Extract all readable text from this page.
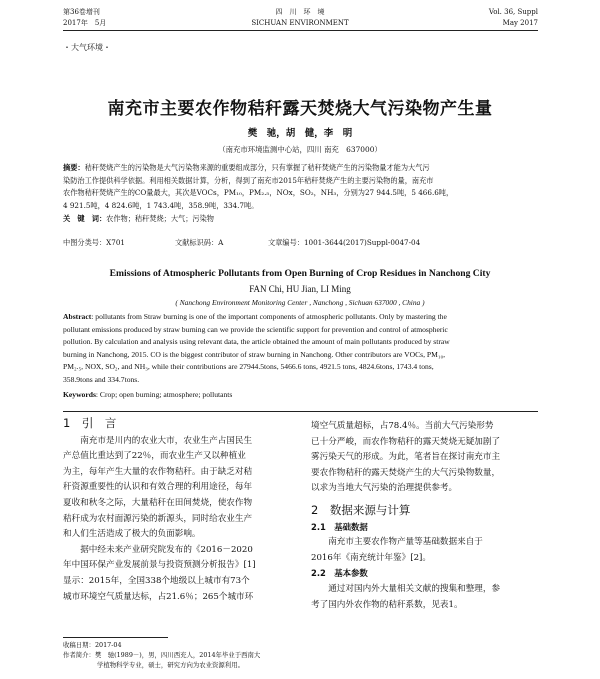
第36卷增刊
2017年　5月
四　川　环　境
SICHUAN ENVIRONMENT
Vol. 36, Suppl
May 2017
・大气环境・
南充市主要农作物秸秆露天焚烧大气污染物产生量
樊　驰，胡　健，李　明
（南充市环境监测中心站，四川 南充　637000）
摘要：秸秆焚烧产生的污染物是大气污染物来源的重要组成部分，只有掌握了秸秆焚烧产生的污染物量才能为大气污
染防治工作提供科学依据。利用相关数据计算，分析，得到了南充市2015年秸秆焚烧产生的主要污染物的量，南充市
农作物秸秆焚烧产生的CO量最大，其次是VOCs，PM₁₀，PM₂.₅，NOx，SO₂，NH₃，分别为27 944.5吨，5 466.6吨，
4 921.5吨，4 824.6吨，1 743.4吨，358.9吨，334.7吨。
关　键　词：农作物；秸秆焚烧；大气；污染物
中图分类号：X701	文献标识码：A	文章编号：1001-3644(2017)Suppl-0047-04
Emissions of Atmospheric Pollutants from Open Burning of Crop Residues in Nanchong City
FAN Chi, HU Jian, LI Ming
( Nanchong Environment Monitoring Center , Nanchong , Sichuan 637000 , China )
Abstract: pollutants from Straw burning is one of the important components of atmospheric pollutants. Only by mastering the
pollutant emissions produced by straw burning can we provide the scientific support for prevention and control of atmospheric
pollution. By calculation and analysis using relevant data, the article obtained the amount of main pollutants produced by straw
burning in Nanchong, 2015. CO is the biggest contributor of straw burning in Nanchong. Other contributors are VOCs, PM₁₀,
PM₂.₅, NOX, SO₂, and NH₃, while their contributions are 27944.5tons, 5466.6 tons, 4921.5 tons, 4824.6tons, 1743.4 tons,
358.9tons and 334.7tons.
Keywords: Crop; open burning; atmosphere; pollutants
1　引　言

南充市是川内的农业大市，农业生产占国民生

产总值比重达到了22％，而农业生产又以种植业
为主，每年产生大量的农作物秸秆。由于缺乏对秸
秆资源重要性的认识和有效合理的利用途径，每年
夏收和秋冬之际，大量秸秆在田间焚烧，使农作物
秸秆成为农村面源污染的新源头，同时给农业生产
和人们生活造成了极大的负面影响。

据中经未来产业研究院发布的《2016－2020

年中国环保产业发展前景与投资预测分析报告》[1]
显示：2015年，全国338个地级以上城市有73个
城市环境空气质量达标，占21.6％；265个城市环
境空气质量超标，占78.4％。当前大气污染形势
已十分严峻，而农作物秸秆的露天焚烧无疑加剧了
雾污染天气的形成。为此，笔者旨在探讨南充市主
要农作物秸秆的露天焚烧产生的大气污染物数量，
以求为当地大气污染的治理提供参考。
2　数据来源与计算
2.1　基础数据

南充市主要农作物产量等基础数据来自于

2016年《南充统计年鉴》[2]。
2.2　基本参数

通过对国内外大量相关文献的搜集和整理，参

考了国内外农作物的秸秆系数，见表1。
收稿日期：2017-04
作者简介：樊　驰(1989－)，男，四川西充人，2014年毕业于西南大
学植物科学专业，硕士，研究方向为农业资源利用。
